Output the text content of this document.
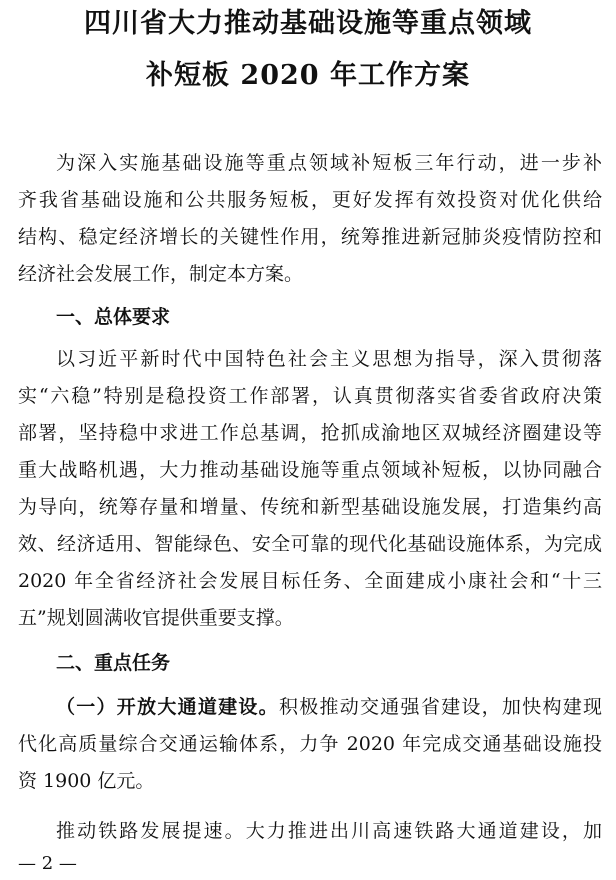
四川省大力推动基础设施等重点领域
补短板 2020 年工作方案
为深入实施基础设施等重点领域补短板三年行动，进一步补
齐我省基础设施和公共服务短板，更好发挥有效投资对优化供给
结构、稳定经济增长的关键性作用，统筹推进新冠肺炎疫情防控和
经济社会发展工作，制定本方案。
一、总体要求
以习近平新时代中国特色社会主义思想为指导，深入贯彻落
实“六稳”特别是稳投资工作部署，认真贯彻落实省委省政府决策
部署，坚持稳中求进工作总基调，抢抓成渝地区双城经济圈建设等
重大战略机遇，大力推动基础设施等重点领域补短板，以协同融合
为导向，统筹存量和增量、传统和新型基础设施发展，打造集约高
效、经济适用、智能绿色、安全可靠的现代化基础设施体系，为完成
2020 年全省经济社会发展目标任务、全面建成小康社会和“十三
五”规划圆满收官提供重要支撑。
二、重点任务
（一）开放大通道建设。积极推动交通强省建设，加快构建现
代化高质量综合交通运输体系，力争 2020 年完成交通基础设施投
资 1900 亿元。
推动铁路发展提速。大力推进出川高速铁路大通道建设，加
— 2 —
